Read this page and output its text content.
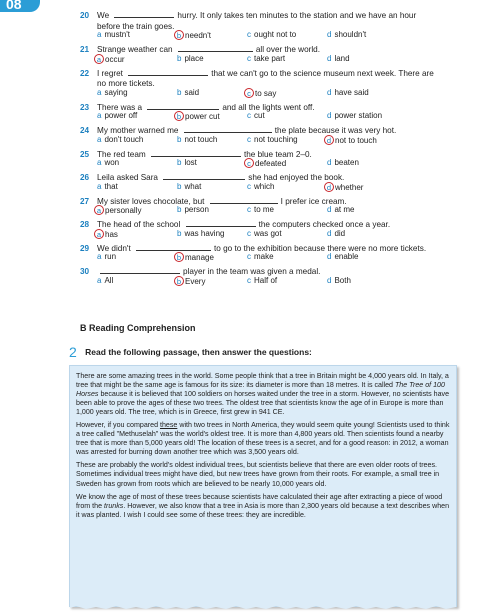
08
20 We	hurry. It only takes ten minutes to the station and we have an hour
before the train goes.
a mustn't	b needn't	c ought not to	d shouldn't
21 Strange weather can	all over the world.
a occur	b place	c take part	d land
22 I regret	that we can't go to the science museum next week. There are
no more tickets.
a saying	b said	c to say	d have said
23 There was a	and all the lights went off.
a power off	b power cut	c cut	d power station
24 My mother warned me	the plate because it was very hot.
a don't touch	b not touch	c not touching	d not to touch
25 The red team	the blue team 2–0.
a won	b lost	c defeated	d beaten
26 Leila asked Sara	she had enjoyed the book.
a that	b what	c which	d whether
27 My sister loves chocolate, but	I prefer ice cream.
a personally	b person	c to me	d at me
28 The head of the school	the computers checked once a year.
a has	b was having	c was got	d did
29 We didn't	to go to the exhibition because there were no more tickets.
a run	b manage	c make	d enable
30	player in the team was given a medal.
a All	b Every	c Half of	d Both
B Reading Comprehension
2 Read the following passage, then answer the questions:

There are some amazing trees in the world. Some people think that a tree in Britain might be 4,000 years old. In Italy, a tree that might be the same age is famous for its size: its diameter is more than 18 metres. It is called The Tree of 100 Horses because it is believed that 100 soldiers on horses waited under the tree in a storm. However, no scientists have been able to prove the ages of these two trees. The oldest tree that scientists know the age of in Europe is more than 1,000 years old. The tree, which is in Greece, first grew in 941 CE.

However, if you compared these with two trees in North America, they would seem quite young! Scientists used to think a tree called "Methuselah" was the world's oldest tree. It is more than 4,800 years old. Then scientists found a nearby tree that is more than 5,000 years old! The location of these trees is a secret, and for a good reason: in 2012, a woman was arrested for burning down another tree which was 3,500 years old.

These are probably the world's oldest individual trees, but scientists believe that there are even older roots of trees. Sometimes individual trees might have died, but new trees have grown from their roots. For example, a small tree in Sweden has grown from roots which are believed to be nearly 10,000 years old.

We know the age of most of these trees because scientists have calculated their age after extracting a piece of wood from the trunks. However, we also know that a tree in Asia is more than 2,300 years old because a text describes when it was planted. I wish I could see some of these trees: they are incredible.
